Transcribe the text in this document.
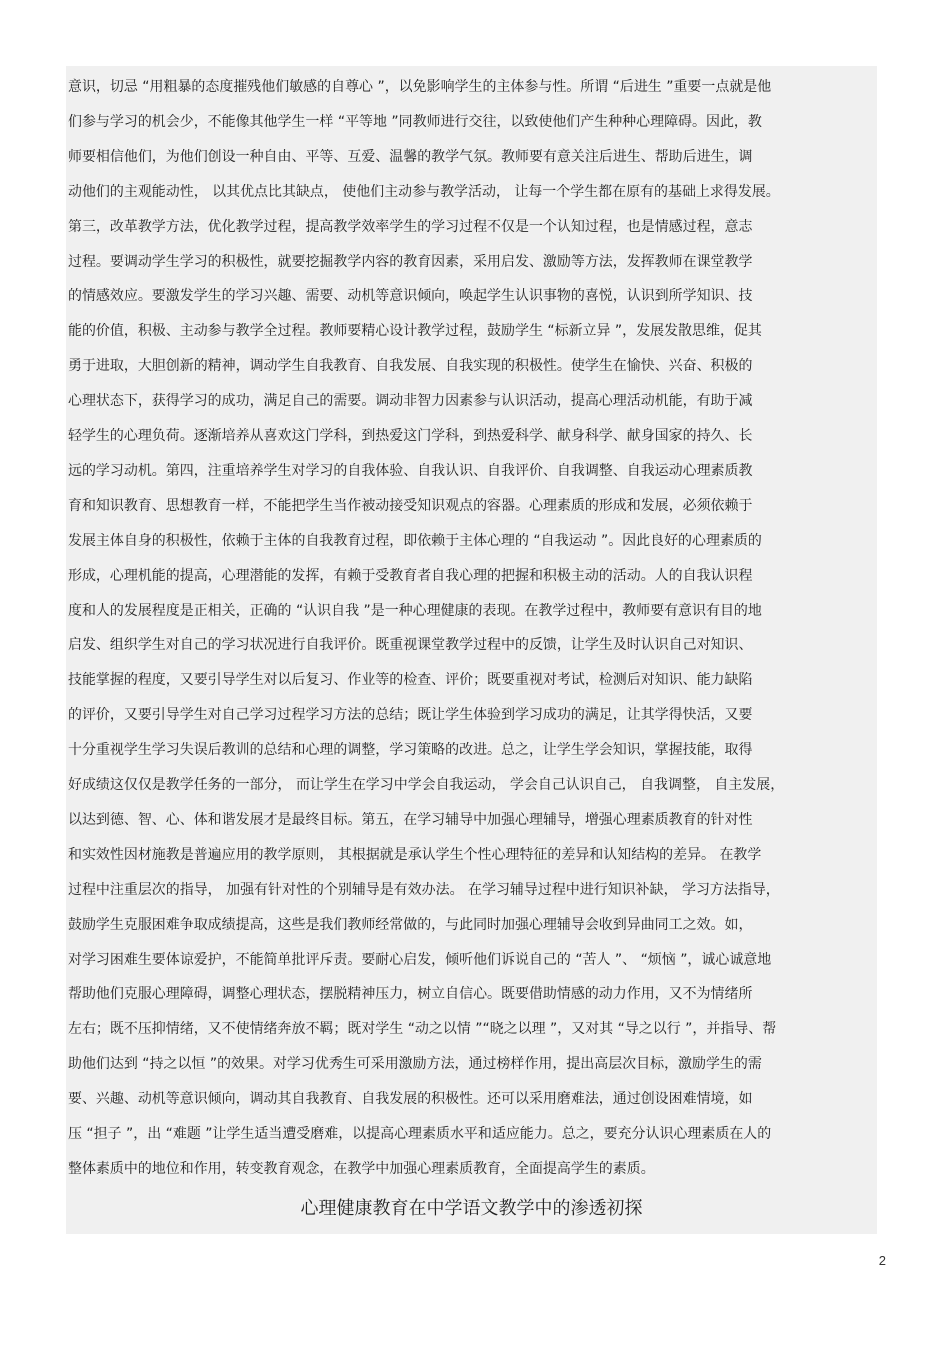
意识，切忌 “用粗暴的态度摧残他们敏感的自尊心 ”，以免影响学生的主体参与性。所谓 “后进生 ”重要一点就是他
们参与学习的机会少，不能像其他学生一样 “平等地 ”同教师进行交往，以致使他们产生种种心理障碍。因此，教
师要相信他们，为他们创设一种自由、平等、互爱、温馨的教学气氛。教师要有意关注后进生、帮助后进生，调
动他们的主观能动性， 以其优点比其缺点， 使他们主动参与教学活动， 让每一个学生都在原有的基础上求得发展。
第三，改革教学方法，优化教学过程，提高教学效率学生的学习过程不仅是一个认知过程，也是情感过程，意志
过程。要调动学生学习的积极性，就要挖掘教学内容的教育因素，采用启发、激励等方法，发挥教师在课堂教学
的情感效应。要激发学生的学习兴趣、需要、动机等意识倾向，唤起学生认识事物的喜悦，认识到所学知识、技
能的价值，积极、主动参与教学全过程。教师要精心设计教学过程，鼓励学生 “标新立异 ”，发展发散思维，促其
勇于进取，大胆创新的精神，调动学生自我教育、自我发展、自我实现的积极性。使学生在愉快、兴奋、积极的
心理状态下，获得学习的成功，满足自己的需要。调动非智力因素参与认识活动，提高心理活动机能，有助于减
轻学生的心理负荷。逐渐培养从喜欢这门学科，到热爱这门学科，到热爱科学、献身科学、献身国家的持久、长
远的学习动机。第四，注重培养学生对学习的自我体验、自我认识、自我评价、自我调整、自我运动心理素质教
育和知识教育、思想教育一样，不能把学生当作被动接受知识观点的容器。心理素质的形成和发展，必须依赖于
发展主体自身的积极性，依赖于主体的自我教育过程，即依赖于主体心理的 “自我运动 ”。因此良好的心理素质的
形成，心理机能的提高，心理潜能的发挥，有赖于受教育者自我心理的把握和积极主动的活动。人的自我认识程
度和人的发展程度是正相关，正确的 “认识自我 ”是一种心理健康的表现。在教学过程中，教师要有意识有目的地
启发、组织学生对自己的学习状况进行自我评价。既重视课堂教学过程中的反馈，让学生及时认识自己对知识、
技能掌握的程度，又要引导学生对以后复习、作业等的检查、评价；既要重视对考试，检测后对知识、能力缺陷
的评价，又要引导学生对自己学习过程学习方法的总结；既让学生体验到学习成功的满足，让其学得快活，又要
十分重视学生学习失误后教训的总结和心理的调整，学习策略的改进。总之，让学生学会知识，掌握技能，取得
好成绩这仅仅是教学任务的一部分， 而让学生在学习中学会自我运动， 学会自己认识自己， 自我调整， 自主发展，
以达到德、智、心、体和谐发展才是最终目标。第五，在学习辅导中加强心理辅导，增强心理素质教育的针对性
和实效性因材施教是普遍应用的教学原则， 其根据就是承认学生个性心理特征的差异和认知结构的差异。 在教学
过程中注重层次的指导， 加强有针对性的个别辅导是有效办法。 在学习辅导过程中进行知识补缺， 学习方法指导，
鼓励学生克服困难争取成绩提高，这些是我们教师经常做的，与此同时加强心理辅导会收到异曲同工之效。如，
对学习困难生要体谅爱护，不能简单批评斥责。要耐心启发，倾听他们诉说自己的 “苦人 ”、 “烦恼 ”，诚心诚意地
帮助他们克服心理障碍，调整心理状态，摆脱精神压力，树立自信心。既要借助情感的动力作用，又不为情绪所
左右；既不压抑情绪，又不使情绪奔放不羁；既对学生 “动之以情 ”“晓之以理 ”，又对其 “导之以行 ”，并指导、帮
助他们达到 “持之以恒 ”的效果。对学习优秀生可采用激励方法，通过榜样作用，提出高层次目标，激励学生的需
要、兴趣、动机等意识倾向，调动其自我教育、自我发展的积极性。还可以采用磨难法，通过创设困难情境，如
压 “担子 ”，出 “难题 ”让学生适当遭受磨难，以提高心理素质水平和适应能力。总之，要充分认识心理素质在人的
整体素质中的地位和作用，转变教育观念，在教学中加强心理素质教育，全面提高学生的素质。
心理健康教育在中学语文教学中的渗透初探
2
